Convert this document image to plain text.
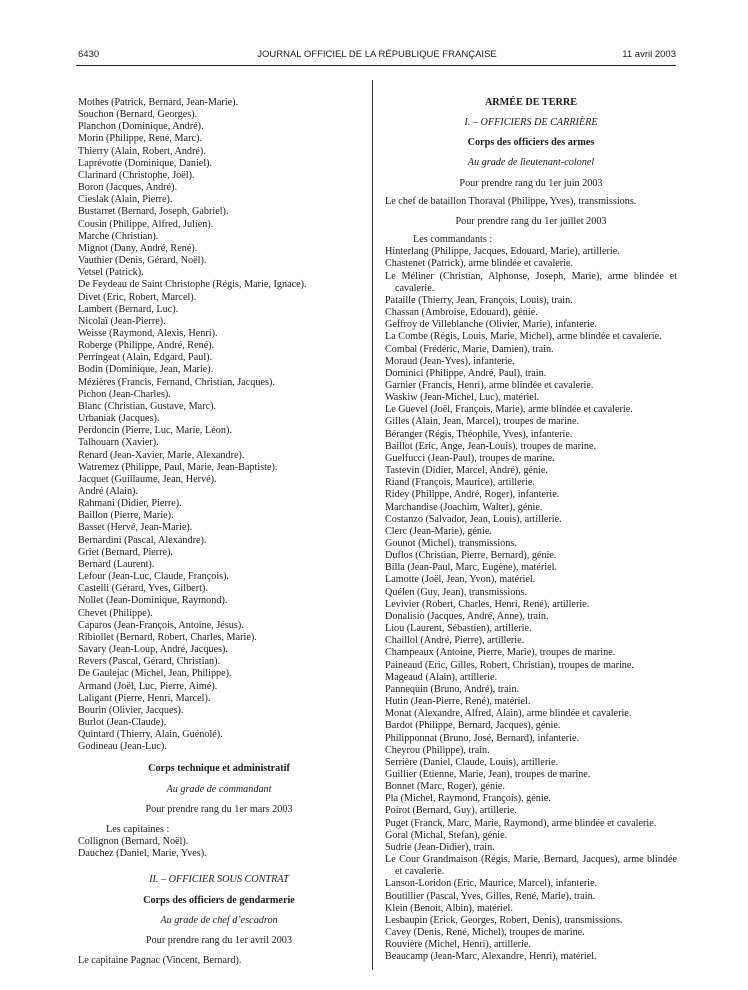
6430	JOURNAL OFFICIEL DE LA RÉPUBLIQUE FRANÇAISE	11 avril 2003
Mothes (Patrick, Bernard, Jean-Marie).
Souchon (Bernard, Georges).
Planchon (Dominique, André).
Morin (Philippe, René, Marc).
Thierry (Alain, Robert, André).
Laprévotte (Dominique, Daniel).
Clarinard (Christophe, Joël).
Boron (Jacques, André).
Cieslak (Alain, Pierre).
Bustarret (Bernard, Joseph, Gabriel).
Cousin (Philippe, Alfred, Julien).
Marche (Christian).
Mignot (Dany, André, René).
Vauthier (Denis, Gérard, Noël).
Vetsel (Patrick).
De Feydeau de Saint Christophe (Régis, Marie, Ignace).
Divet (Eric, Robert, Marcel).
Lambert (Bernard, Luc).
Nicolaï (Jean-Pierre).
Weisse (Raymond, Alexis, Henri).
Roberge (Philippe, André, René).
Perringeat (Alain, Edgard, Paul).
Bodin (Dominique, Jean, Marie).
Mézières (Francis, Fernand, Christian, Jacques).
Pichon (Jean-Charles).
Blanc (Christian, Gustave, Marc).
Urbaniak (Jacques).
Perdoncin (Pierre, Luc, Marie, Léon).
Talhouarn (Xavier).
Renard (Jean-Xavier, Marie, Alexandre).
Watremez (Philippe, Paul, Marie, Jean-Baptiste).
Jacquet (Guillaume, Jean, Hervé).
André (Alain).
Rahmani (Didier, Pierre).
Baillon (Pierre, Marie).
Basset (Hervé, Jean-Marie).
Bernardini (Pascal, Alexandre).
Griet (Bernard, Pierre).
Bernard (Laurent).
Lefour (Jean-Luc, Claude, François).
Castelli (Gérard, Yves, Gilbert).
Nollet (Jean-Dominique, Raymond).
Chevet (Philippe).
Caparos (Jean-François, Antoine, Jésus).
Ribiollet (Bernard, Robert, Charles, Marie).
Savary (Jean-Loup, André, Jacques).
Revers (Pascal, Gérard, Christian).
De Gaulejac (Michel, Jean, Philippe).
Armand (Joël, Luc, Pierre, Aimé).
Laligant (Pierre, Henri, Marcel).
Bourin (Olivier, Jacques).
Burlot (Jean-Claude).
Quintard (Thierry, Alain, Guénolé).
Godineau (Jean-Luc).
Corps technique et administratif
Au grade de commandant
Pour prendre rang du 1er mars 2003
Les capitaines :
Collignon (Bernard, Noël).
Dauchez (Daniel, Marie, Yves).
II. – OFFICIER SOUS CONTRAT
Corps des officiers de gendarmerie
Au grade de chef d’escadron
Pour prendre rang du 1er avril 2003
Le capitaine Pagnac (Vincent, Bernard).
ARMÉE DE TERRE
I. – OFFICIERS DE CARRIÈRE
Corps des officiers des armes
Au grade de lieutenant-colonel
Pour prendre rang du 1er juin 2003
Le chef de bataillon Thoraval (Philippe, Yves), transmissions.
Pour prendre rang du 1er juillet 2003
Les commandants :
Hinterlang (Philippe, Jacques, Edouard, Marie), artillerie.
Chastenet (Patrick), arme blindée et cavalerie.
Le Méliner (Christian, Alphonse, Joseph, Marie), arme blindée et cavalerie.
Pataille (Thierry, Jean, François, Louis), train.
Chassan (Ambroise, Edouard), génie.
Geffroy de Villeblanche (Olivier, Marie), infanterie.
La Combe (Régis, Louis, Marie, Michel), arme blindée et cavalerie.
Combal (Frédéric, Marie, Damien), train.
Moraud (Jean-Yves), infanterie.
Dominici (Philippe, André, Paul), train.
Garnier (Francis, Henri), arme blindée et cavalerie.
Waskiw (Jean-Michel, Luc), matériel.
Le Guevel (Joël, François, Marie), arme blindée et cavalerie.
Gilles (Alain, Jean, Marcel), troupes de marine.
Béranger (Régis, Théophile, Yves), infanterie.
Baillot (Eric, Ange, Jean-Louis), troupes de marine.
Guelfucci (Jean-Paul), troupes de marine.
Tastevin (Didier, Marcel, André), génie.
Riand (François, Maurice), artillerie.
Ridey (Philippe, André, Roger), infanterie.
Marchandise (Joachim, Walter), génie.
Costanzo (Salvador, Jean, Louis), artillerie.
Clerc (Jean-Marie), génie.
Gounot (Michel), transmissions.
Duflos (Christian, Pierre, Bernard), génie.
Billa (Jean-Paul, Marc, Eugène), matériel.
Lamotte (Joël, Jean, Yvon), matériel.
Quélen (Guy, Jean), transmissions.
Levivier (Robert, Charles, Henri, René), artillerie.
Donalisio (Jacques, André, Anne), train.
Liou (Laurent, Sébastien), artillerie.
Chaillol (André, Pierre), artillerie.
Champeaux (Antoine, Pierre, Marie), troupes de marine.
Paineaud (Eric, Gilles, Robert, Christian), troupes de marine.
Mageaud (Alain), artillerie.
Pannequin (Bruno, André), train.
Hutin (Jean-Pierre, René), matériel.
Monat (Alexandre, Alfred, Alain), arme blindée et cavalerie.
Bardot (Philippe, Bernard, Jacques), génie.
Philipponnat (Bruno, José, Bernard), infanterie.
Cheyrou (Philippe), train.
Serrière (Daniel, Claude, Louis), artillerie.
Guillier (Etienne, Marie, Jean), troupes de marine.
Bonnet (Marc, Roger), génie.
Pla (Michel, Raymond, François), génie.
Poirot (Bernard, Guy), artillerie.
Puget (Franck, Marc, Marie, Raymond), arme blindée et cavalerie.
Goral (Michal, Stefan), génie.
Sudrie (Jean-Didier), train.
Le Cour Grandmaison (Régis, Marie, Bernard, Jacques), arme blindée et cavalerie.
Lanson-Loridon (Eric, Maurice, Marcel), infanterie.
Boutillier (Pascal, Yves, Gilles, René, Marie), train.
Klein (Benoit, Albin), matériel.
Lesbaupin (Erick, Georges, Robert, Denis), transmissions.
Cavey (Denis, René, Michel), troupes de marine.
Rouvière (Michel, Henri), artillerie.
Beaucamp (Jean-Marc, Alexandre, Henri), matériel.
